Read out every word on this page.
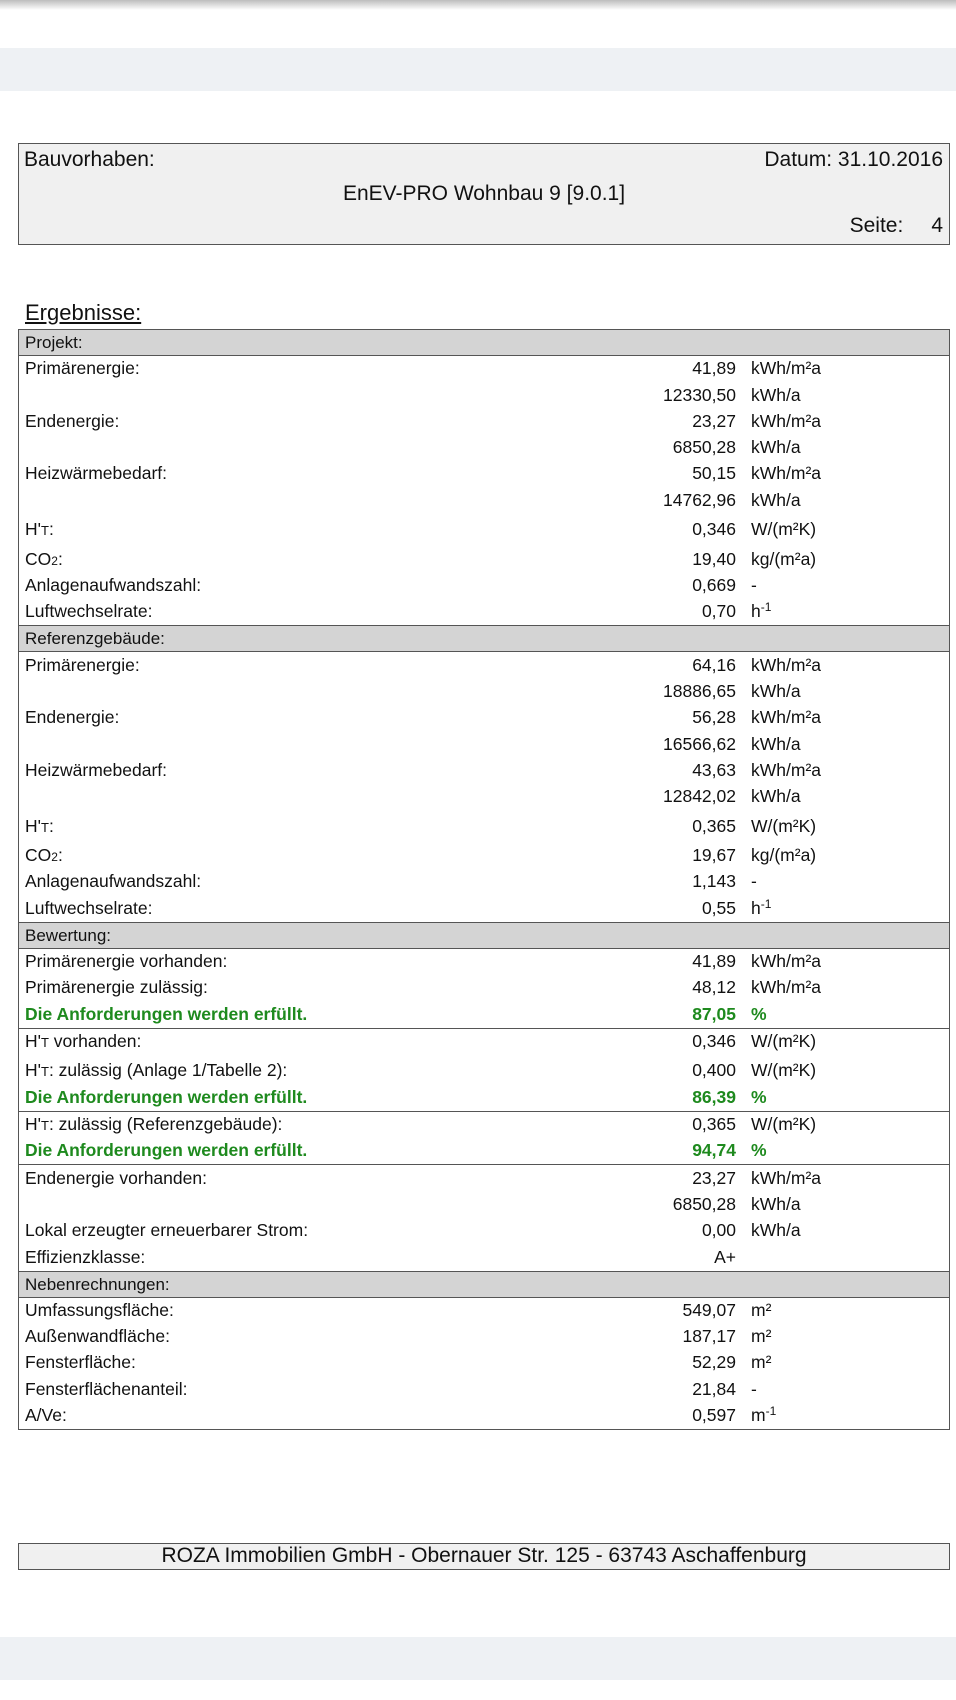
Bauvorhaben:	Datum: 31.10.2016
EnEV-PRO Wohnbau 9 [9.0.1]
Seite: 4
Ergebnisse:
Projekt:
Primärenergie:	41,89 kWh/m²a
12330,50 kWh/a
Endenergie:	23,27 kWh/m²a
6850,28 kWh/a
Heizwärmebedarf:	50,15 kWh/m²a
14762,96 kWh/a
H'T:	0,346 W/(m²K)
CO2:	19,40 kg/(m²a)
Anlagenaufwandszahl:	0,669 -
Luftwechselrate:	0,70 $h^{-1}$
Referenzgebäude:
Primärenergie:	64,16 kWh/m²a
18886,65 kWh/a
Endenergie:	56,28 kWh/m²a
16566,62 kWh/a
Heizwärmebedarf:	43,63 kWh/m²a
12842,02 kWh/a
H'T:	0,365 W/(m²K)
CO2:	19,67 kg/(m²a)
Anlagenaufwandszahl:	1,143 -
Luftwechselrate:	0,55 $h^{-1}$
Bewertung:
Primärenergie vorhanden:	41,89 kWh/m²a
Primärenergie zulässig:	48,12 kWh/m²a
Die Anforderungen werden erfüllt.	87,05 %
H'T vorhanden:	0,346 W/(m²K)
H'T: zulässig (Anlage 1/Tabelle 2):	0,400 W/(m²K)
Die Anforderungen werden erfüllt.	86,39 %
H'T: zulässig (Referenzgebäude):	0,365 W/(m²K)
Die Anforderungen werden erfüllt.	94,74 %
Endenergie vorhanden:	23,27 kWh/m²a
6850,28 kWh/a
Lokal erzeugter erneuerbarer Strom:	0,00 kWh/a
Effizienzklasse:	A+
Nebenrechnungen:
Umfassungsfläche:	549,07 m²
Außenwandfläche:	187,17 m²
Fensterfläche:	52,29 m²
Fensterflächenanteil:	21,84 -
A/Ve:	0,597 $m^{-1}$
ROZA Immobilien GmbH - Obernauer Str. 125 - 63743 Aschaffenburg
